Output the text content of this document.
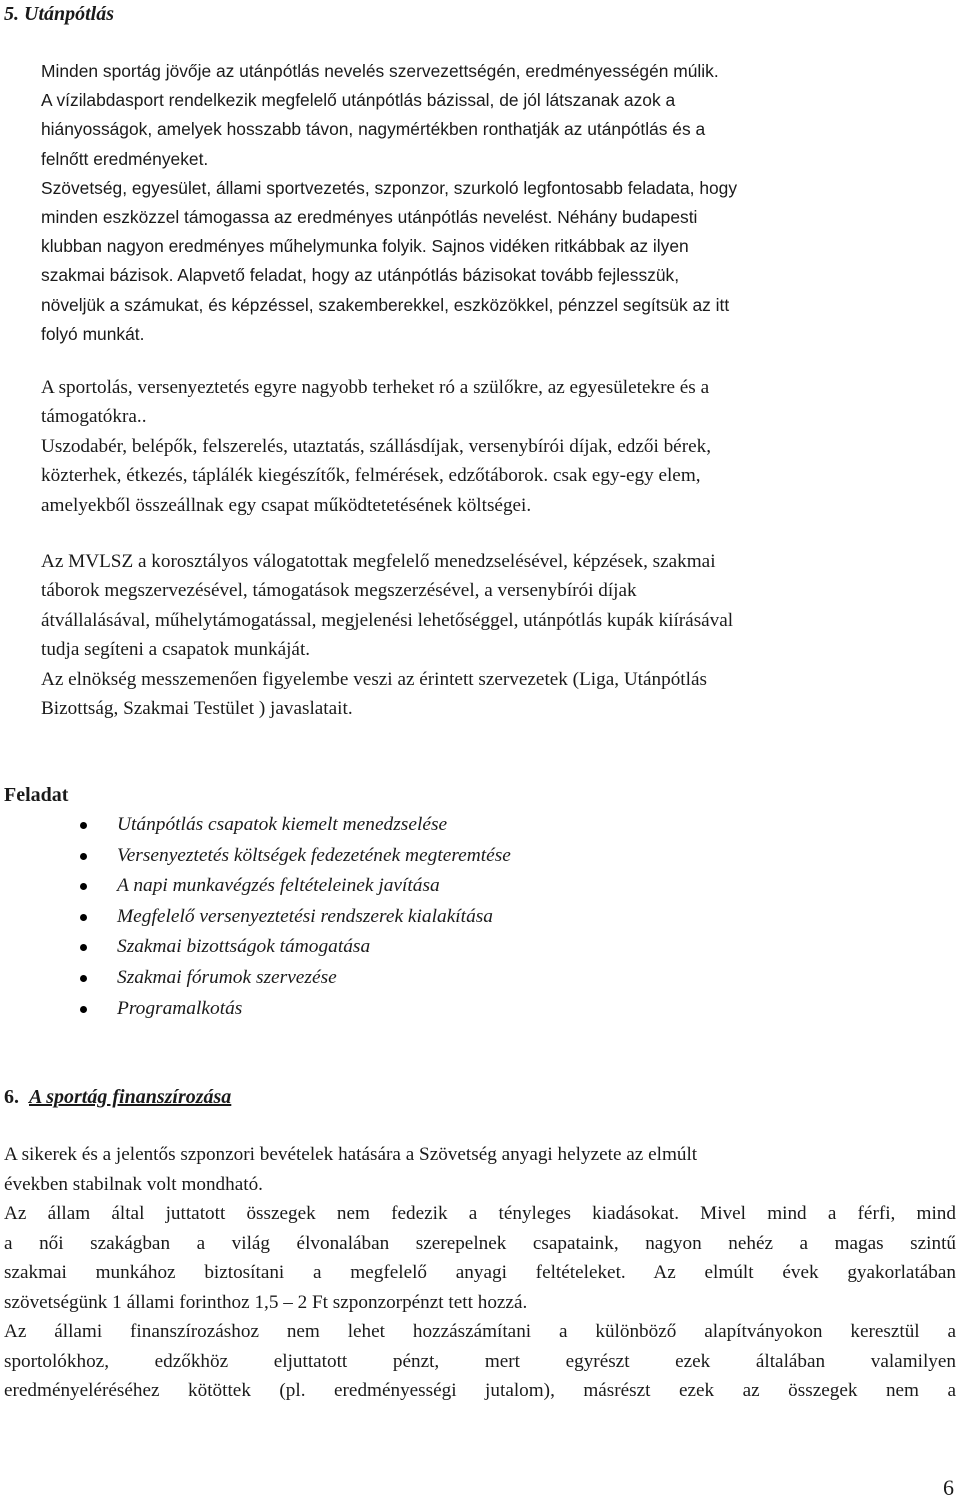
5. Utánpótlás

Minden sportág jövője az utánpótlás nevelés szervezettségén, eredményességén múlik.

A vízilabdasport rendelkezik megfelelő utánpótlás bázissal, de jól látszanak azok a

hiányosságok, amelyek hosszabb távon, nagymértékben ronthatják az utánpótlás és a

felnőtt eredményeket.

Szövetség, egyesület, állami sportvezetés, szponzor, szurkoló legfontosabb feladata, hogy

minden eszközzel támogassa az eredményes utánpótlás nevelést. Néhány budapesti

klubban nagyon eredményes műhelymunka folyik. Sajnos vidéken ritkábbak az ilyen

szakmai bázisok. Alapvető feladat, hogy az utánpótlás bázisokat tovább fejlesszük,

növeljük a számukat, és képzéssel, szakemberekkel, eszközökkel, pénzzel segítsük az itt

folyó munkát.

A sportolás, versenyeztetés egyre nagyobb terheket ró a szülőkre, az egyesületekre és a

támogatókra..

Uszodabér, belépők, felszerelés, utaztatás, szállásdíjak, versenybírói díjak, edzői bérek,

közterhek, étkezés, táplálék kiegészítők, felmérések, edzőtáborok. csak egy-egy elem,

amelyekből összeállnak egy csapat működtetetésének költségei.

Az MVLSZ a korosztályos válogatottak megfelelő menedzselésével, képzések, szakmai

táborok megszervezésével, támogatások megszerzésével, a versenybírói díjak

átvállalásával, műhelytámogatással, megjelenési lehetőséggel, utánpótlás kupák kiírásával

tudja segíteni a csapatok munkáját.

Az elnökség messzemenően figyelembe veszi az érintett szervezetek (Liga, Utánpótlás

Bizottság, Szakmai Testület ) javaslatait.

Feladat
Utánpótlás csapatok kiemelt menedzselése
Versenyeztetés költségek fedezetének megteremtése
A napi munkavégzés feltételeinek javítása
Megfelelő versenyeztetési rendszerek kialakítása
Szakmai bizottságok támogatása
Szakmai fórumok szervezése
Programalkotás
6. A sportág finanszírozása

A sikerek és a jelentős szponzori bevételek hatására a Szövetség anyagi helyzete az elmúlt

években stabilnak volt mondható.

Az állam által juttatott összegek nem fedezik a tényleges kiadásokat. Mivel mind a férfi, mind

a női szakágban a világ élvonalában szerepelnek csapataink, nagyon nehéz a magas szintű

szakmai munkához biztosítani a megfelelő anyagi feltételeket. Az elmúlt évek gyakorlatában

szövetségünk 1 állami forinthoz 1,5 – 2 Ft szponzorpénzt tett hozzá.

Az állami finanszírozáshoz nem lehet hozzászámítani a különböző alapítványokon keresztül a

sportolókhoz, edzőkhöz eljuttatott pénzt, mert egyrészt ezek általában valamilyen

eredményeléréséhez kötöttek (pl. eredményességi jutalom), másrészt ezek az összegek nem a

6
